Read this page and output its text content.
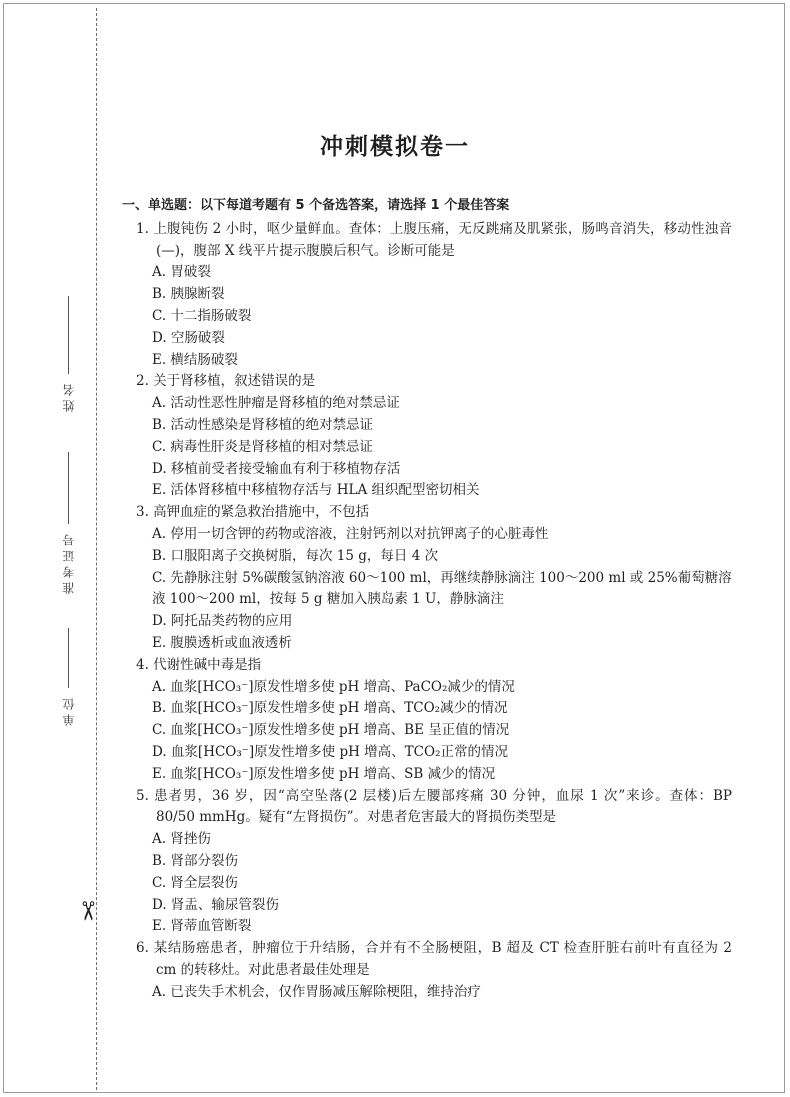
姓名
准考证号
单位
✂
冲刺模拟卷一
一、单选题：以下每道考题有 5 个备选答案，请选择 1 个最佳答案
1. 上腹钝伤 2 小时，呕少量鲜血。查体：上腹压痛，无反跳痛及肌紧张，肠鸣音消失，移动性浊音(—)，腹部 X 线平片提示腹膜后积气。诊断可能是
A. 胃破裂
B. 胰腺断裂
C. 十二指肠破裂
D. 空肠破裂
E. 横结肠破裂
2. 关于肾移植，叙述错误的是
A. 活动性恶性肿瘤是肾移植的绝对禁忌证
B. 活动性感染是肾移植的绝对禁忌证
C. 病毒性肝炎是肾移植的相对禁忌证
D. 移植前受者接受输血有利于移植物存活
E. 活体肾移植中移植物存活与 HLA 组织配型密切相关
3. 高钾血症的紧急救治措施中，不包括
A. 停用一切含钾的药物或溶液，注射钙剂以对抗钾离子的心脏毒性
B. 口服阳离子交换树脂，每次 15 g，每日 4 次
C. 先静脉注射 5%碳酸氢钠溶液 60～100 ml，再继续静脉滴注 100～200 ml 或 25%葡萄糖溶液 100～200 ml，按每 5 g 糖加入胰岛素 1 U，静脉滴注
D. 阿托品类药物的应用
E. 腹膜透析或血液透析
4. 代谢性碱中毒是指
A. 血浆[HCO₃⁻]原发性增多使 pH 增高、PaCO₂减少的情况
B. 血浆[HCO₃⁻]原发性增多使 pH 增高、TCO₂减少的情况
C. 血浆[HCO₃⁻]原发性增多使 pH 增高、BE 呈正值的情况
D. 血浆[HCO₃⁻]原发性增多使 pH 增高、TCO₂正常的情况
E. 血浆[HCO₃⁻]原发性增多使 pH 增高、SB 减少的情况
5. 患者男，36 岁，因“高空坠落(2 层楼)后左腰部疼痛 30 分钟，血尿 1 次”来诊。查体：BP 80/50 mmHg。疑有“左肾损伤”。对患者危害最大的肾损伤类型是
A. 肾挫伤
B. 肾部分裂伤
C. 肾全层裂伤
D. 肾盂、输尿管裂伤
E. 肾蒂血管断裂
6. 某结肠癌患者，肿瘤位于升结肠，合并有不全肠梗阻，B 超及 CT 检查肝脏右前叶有直径为 2 cm 的转移灶。对此患者最佳处理是
A. 已丧失手术机会，仅作胃肠减压解除梗阻，维持治疗
